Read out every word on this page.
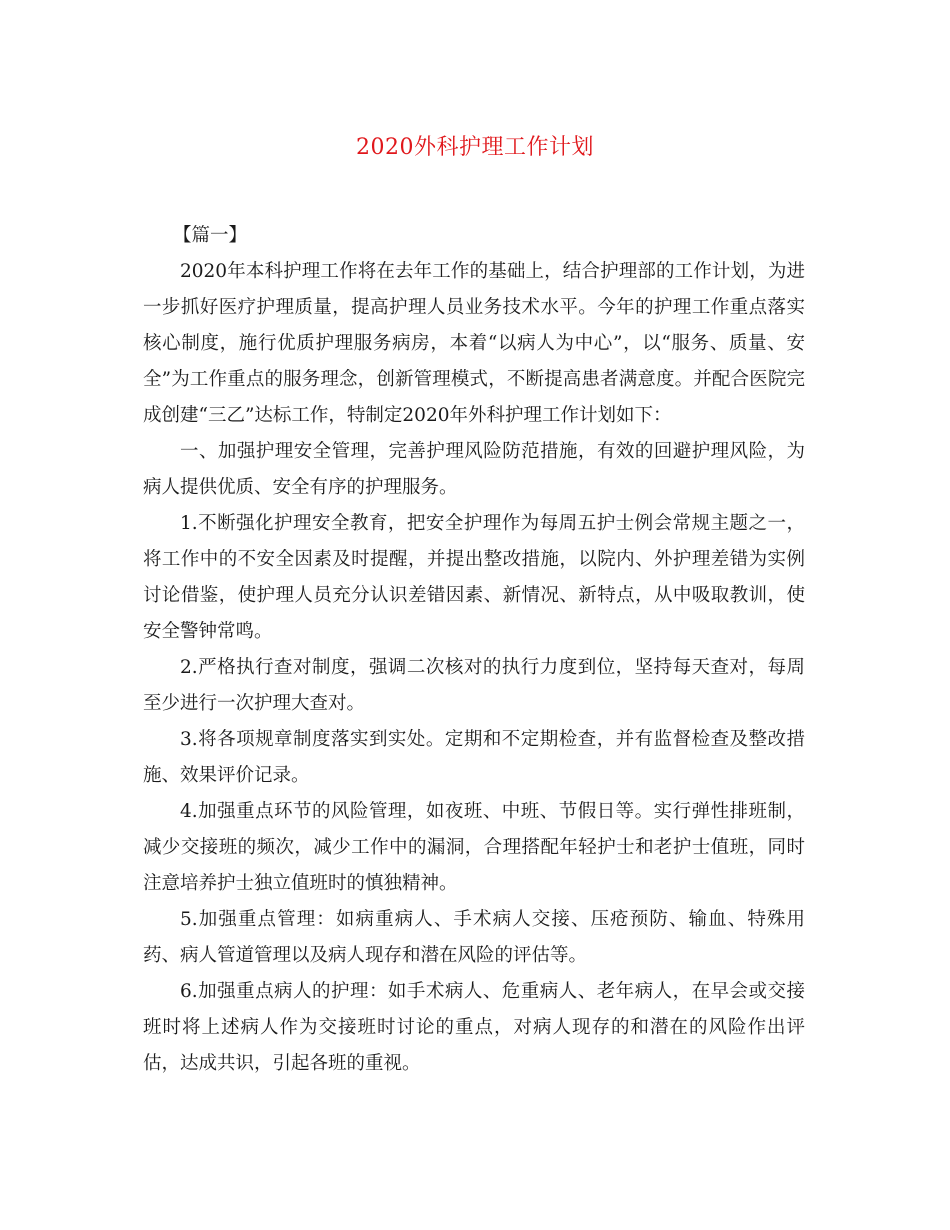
2020外科护理工作计划

【篇一】

2020年本科护理工作将在去年工作的基础上，结合护理部的工作计划，为进一步抓好医疗护理质量，提高护理人员业务技术水平。今年的护理工作重点落实核心制度，施行优质护理服务病房，本着“以病人为中心”，以“服务、质量、安全”为工作重点的服务理念，创新管理模式，不断提高患者满意度。并配合医院完成创建“三乙”达标工作，特制定2020年外科护理工作计划如下：

一、加强护理安全管理，完善护理风险防范措施，有效的回避护理风险，为病人提供优质、安全有序的护理服务。

1.不断强化护理安全教育，把安全护理作为每周五护士例会常规主题之一，将工作中的不安全因素及时提醒，并提出整改措施，以院内、外护理差错为实例讨论借鉴，使护理人员充分认识差错因素、新情况、新特点，从中吸取教训，使安全警钟常鸣。

2.严格执行查对制度，强调二次核对的执行力度到位，坚持每天查对，每周至少进行一次护理大查对。

3.将各项规章制度落实到实处。定期和不定期检查，并有监督检查及整改措施、效果评价记录。

4.加强重点环节的风险管理，如夜班、中班、节假日等。实行弹性排班制，减少交接班的频次，减少工作中的漏洞，合理搭配年轻护士和老护士值班，同时注意培养护士独立值班时的慎独精神。

5.加强重点管理：如病重病人、手术病人交接、压疮预防、输血、特殊用药、病人管道管理以及病人现存和潜在风险的评估等。

6.加强重点病人的护理：如手术病人、危重病人、老年病人，在早会或交接班时将上述病人作为交接班时讨论的重点，对病人现存的和潜在的风险作出评估，达成共识，引起各班的重视。
